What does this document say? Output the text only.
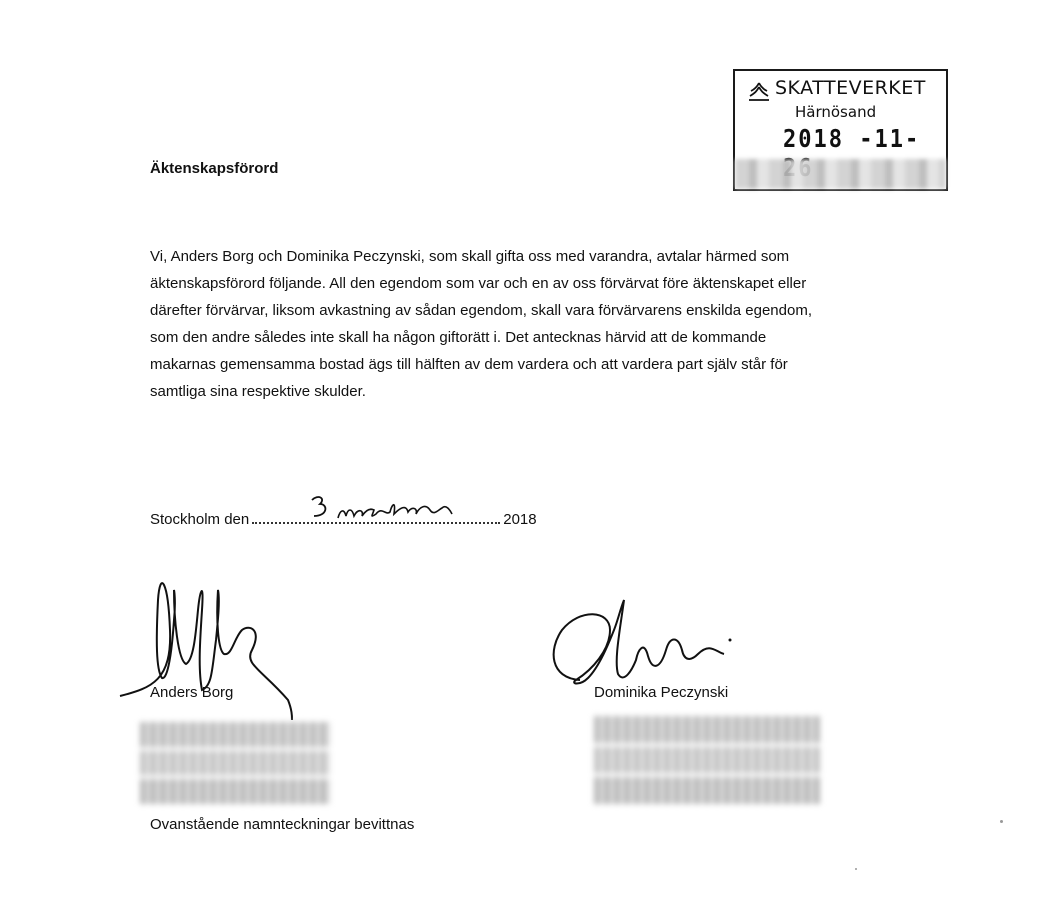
SKATTEVERKET
Härnösand
2018 -11-
Äktenskapsförord
Vi, Anders Borg och Dominika Peczynski, som skall gifta oss med varandra, avtalar härmed som
äktenskapsförord följande. All den egendom som var och en av oss förvärvat före äktenskapet eller
därefter förvärvar, liksom avkastning av sådan egendom, skall vara förvärvarens enskilda egendom,
som den andre således inte skall ha någon giftorätt i. Det antecknas härvid att de kommande
makarnas gemensamma bostad ägs till hälften av dem vardera och att vardera part själv står för
samtliga sina respektive skulder.
Stockholm den	2018
Anders Borg	Dominika Peczynski
Ovanstående namnteckningar bevittnas
